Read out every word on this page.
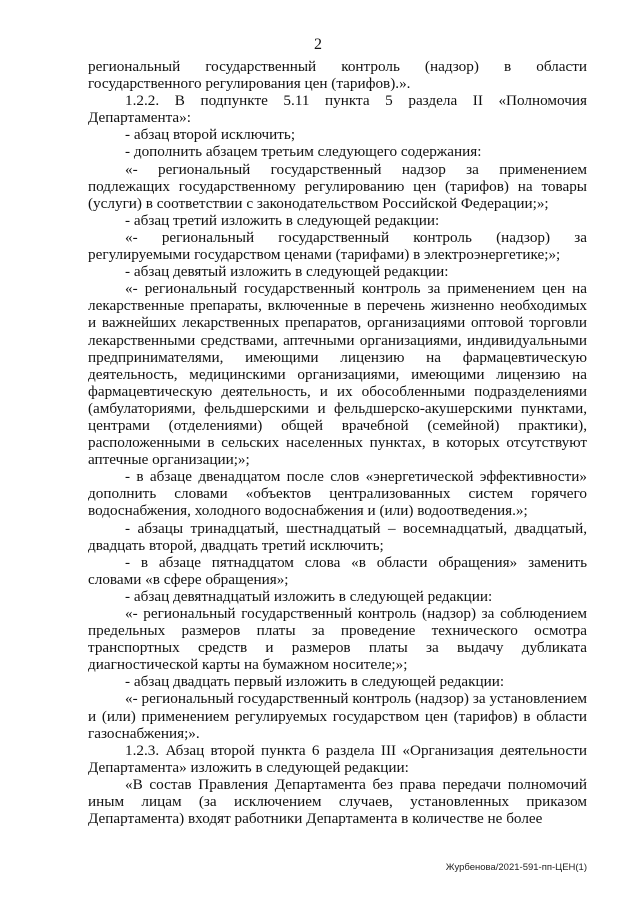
2

региональный государственный контроль (надзор) в области государственного регулирования цен (тарифов).».

1.2.2. В подпункте 5.11 пункта 5 раздела II «Полномочия Департамента»:

- абзац второй исключить;

- дополнить абзацем третьим следующего содержания:

«- региональный государственный надзор за применением подлежащих государственному регулированию цен (тарифов) на товары (услуги) в соответствии с законодательством Российской Федерации;»;

- абзац третий изложить в следующей редакции:

«- региональный государственный контроль (надзор) за регулируемыми государством ценами (тарифами) в электроэнергетике;»;

- абзац девятый изложить в следующей редакции:

«- региональный государственный контроль за применением цен на лекарственные препараты, включенные в перечень жизненно необходимых и важнейших лекарственных препаратов, организациями оптовой торговли лекарственными средствами, аптечными организациями, индивидуальными предпринимателями, имеющими лицензию на фармацевтическую деятельность, медицинскими организациями, имеющими лицензию на фармацевтическую деятельность, и их обособленными подразделениями (амбулаториями, фельдшерскими и фельдшерско-акушерскими пунктами, центрами (отделениями) общей врачебной (семейной) практики), расположенными в сельских населенных пунктах, в которых отсутствуют аптечные организации;»;

- в абзаце двенадцатом после слов «энергетической эффективности» дополнить словами «объектов централизованных систем горячего водоснабжения, холодного водоснабжения и (или) водоотведения.»;

- абзацы тринадцатый, шестнадцатый – восемнадцатый, двадцатый, двадцать второй, двадцать третий исключить;

- в абзаце пятнадцатом слова «в области обращения» заменить словами «в сфере обращения»;

- абзац девятнадцатый изложить в следующей редакции:

«- региональный государственный контроль (надзор) за соблюдением предельных размеров платы за проведение технического осмотра транспортных средств и размеров платы за выдачу дубликата диагностической карты на бумажном носителе;»;

- абзац двадцать первый изложить в следующей редакции:

«- региональный государственный контроль (надзор) за установлением и (или) применением регулируемых государством цен (тарифов) в области газоснабжения;».

1.2.3. Абзац второй пункта 6 раздела III «Организация деятельности Департамента» изложить в следующей редакции:

«В состав Правления Департамента без права передачи полномочий иным лицам (за исключением случаев, установленных приказом Департамента) входят работники Департамента в количестве не более

Журбенова/2021-591-пп-ЦЕН(1)
